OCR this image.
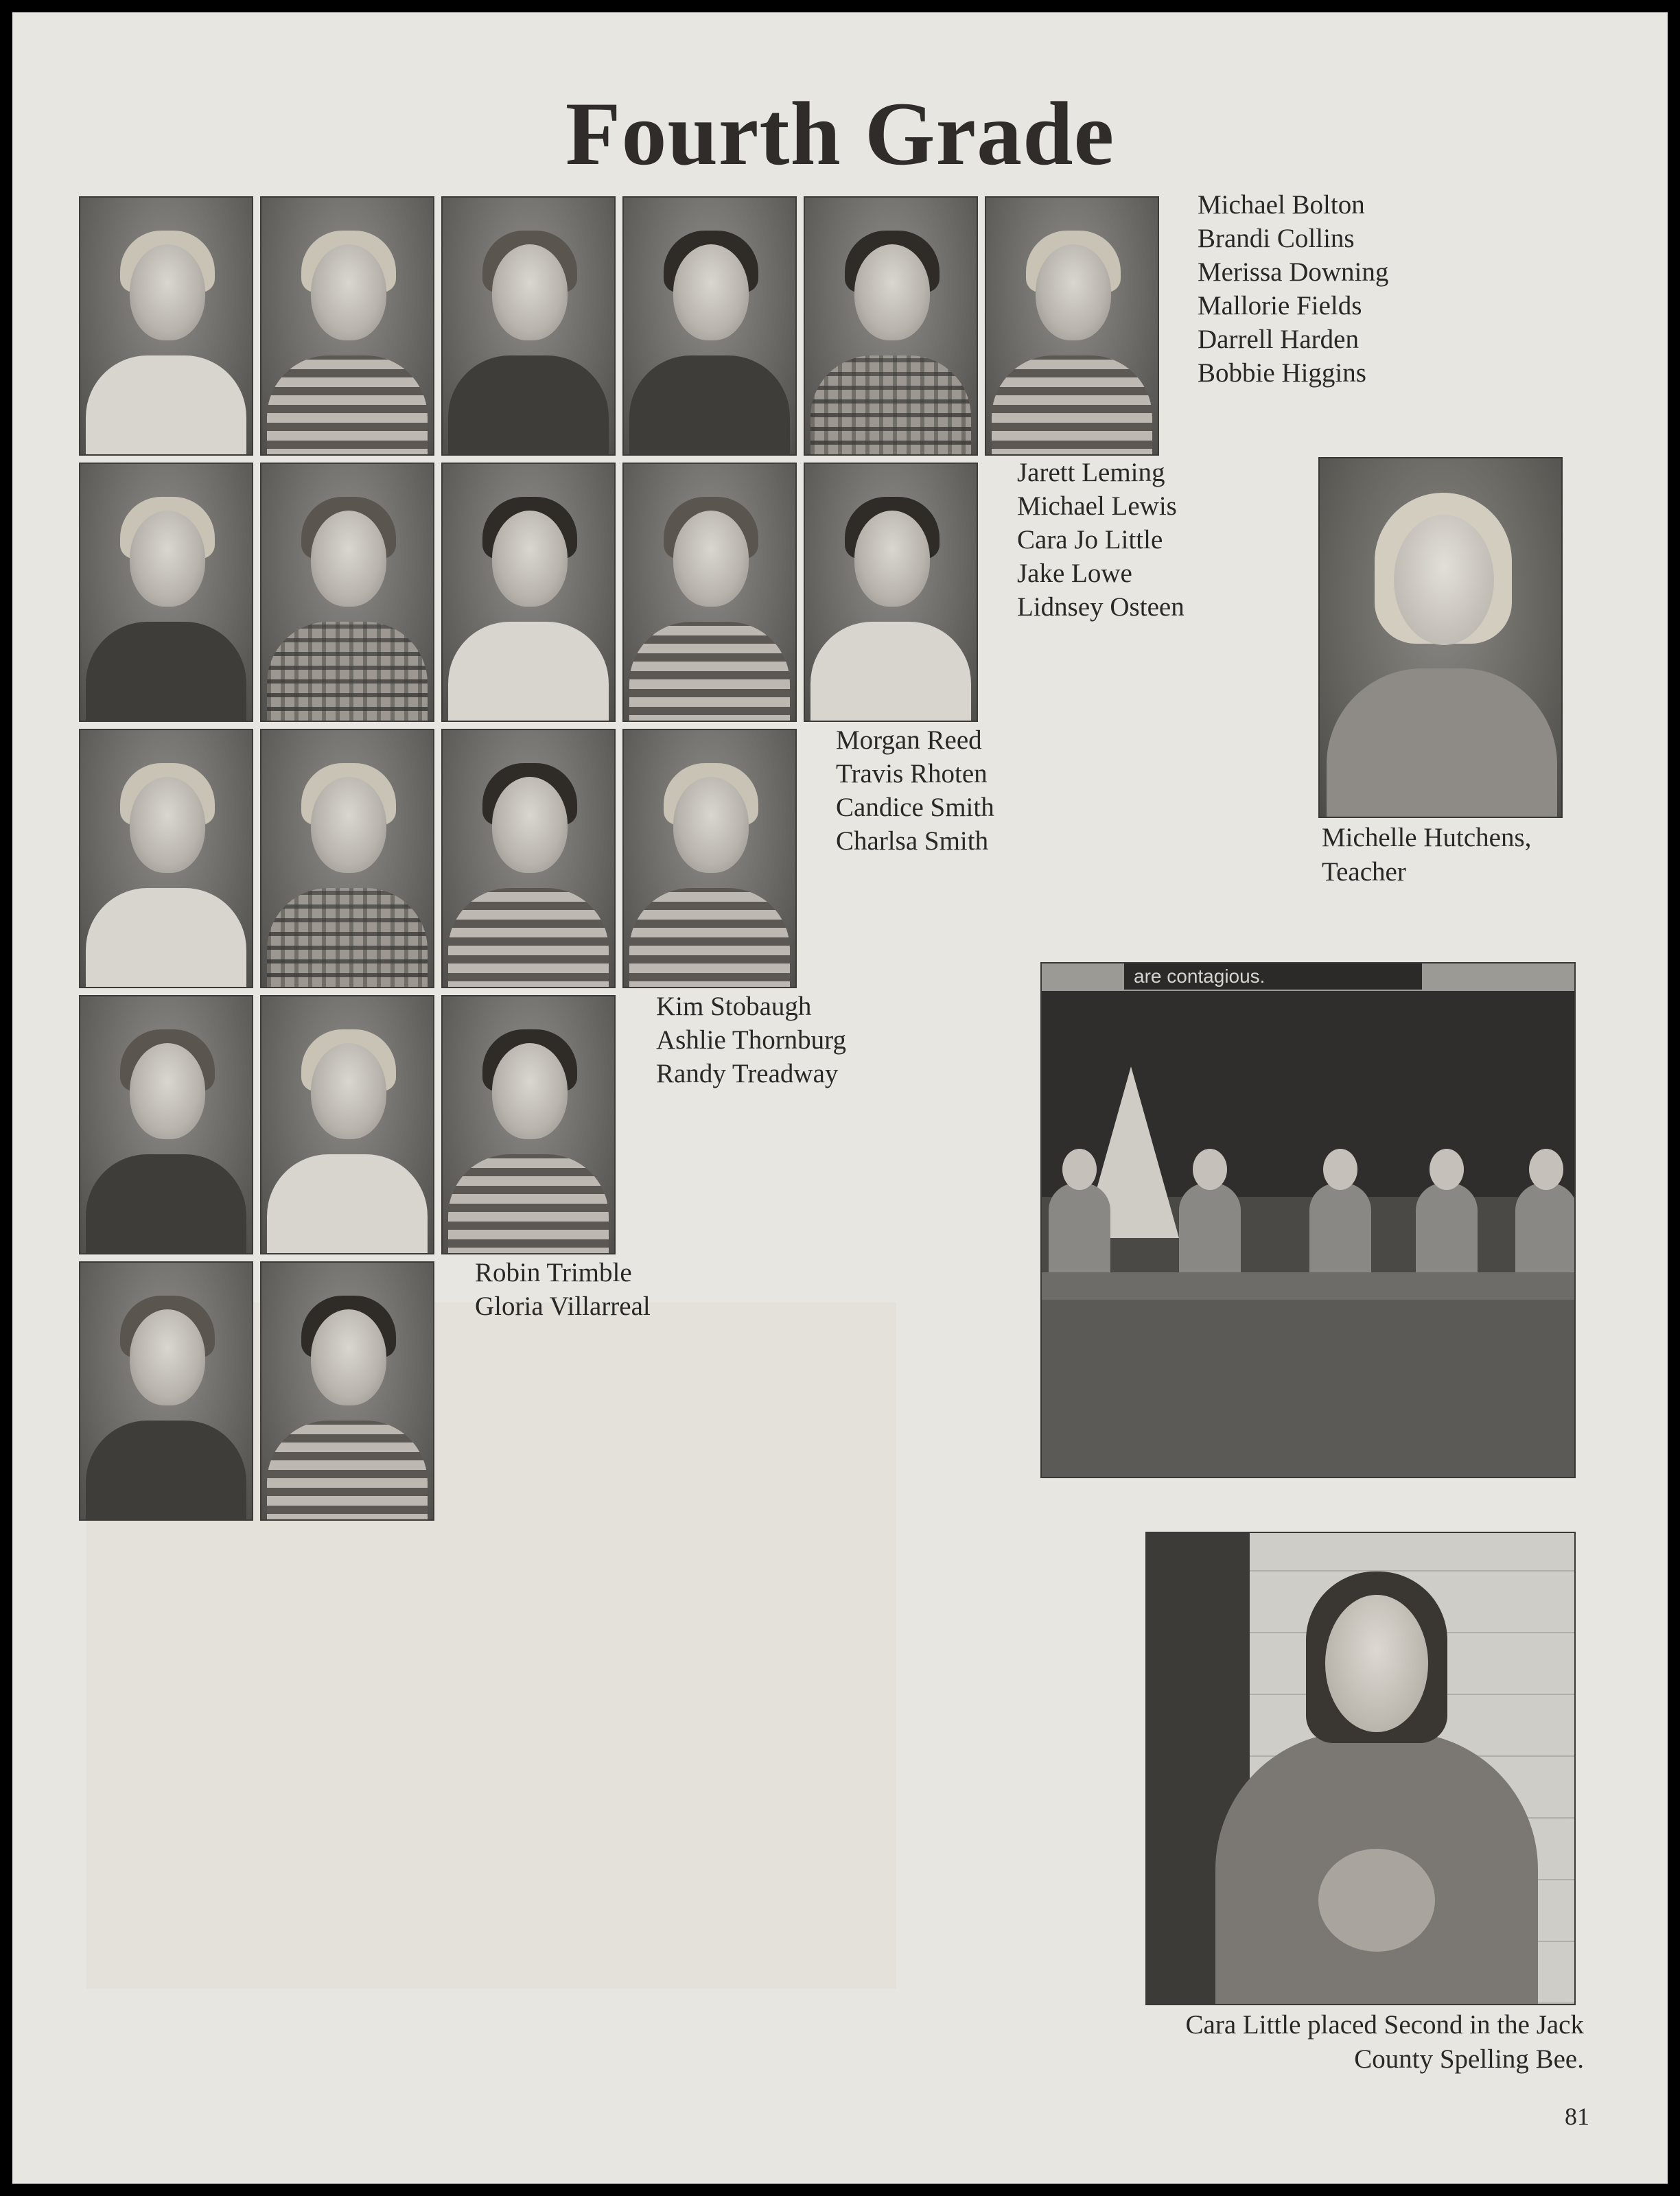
Fourth Grade
Michael Bolton
Brandi Collins
Merissa Downing
Mallorie Fields
Darrell Harden
Bobbie Higgins
Jarett Leming
Michael Lewis
Cara Jo Little
Jake Lowe
Lidnsey Osteen
Morgan Reed
Travis Rhoten
Candice Smith
Charlsa Smith
Kim Stobaugh
Ashlie Thornburg
Randy Treadway
Robin Trimble
Gloria Villarreal
Michelle Hutchens,
Teacher
are contagious.
Cara Little placed Second in the Jack
County Spelling Bee.
81
